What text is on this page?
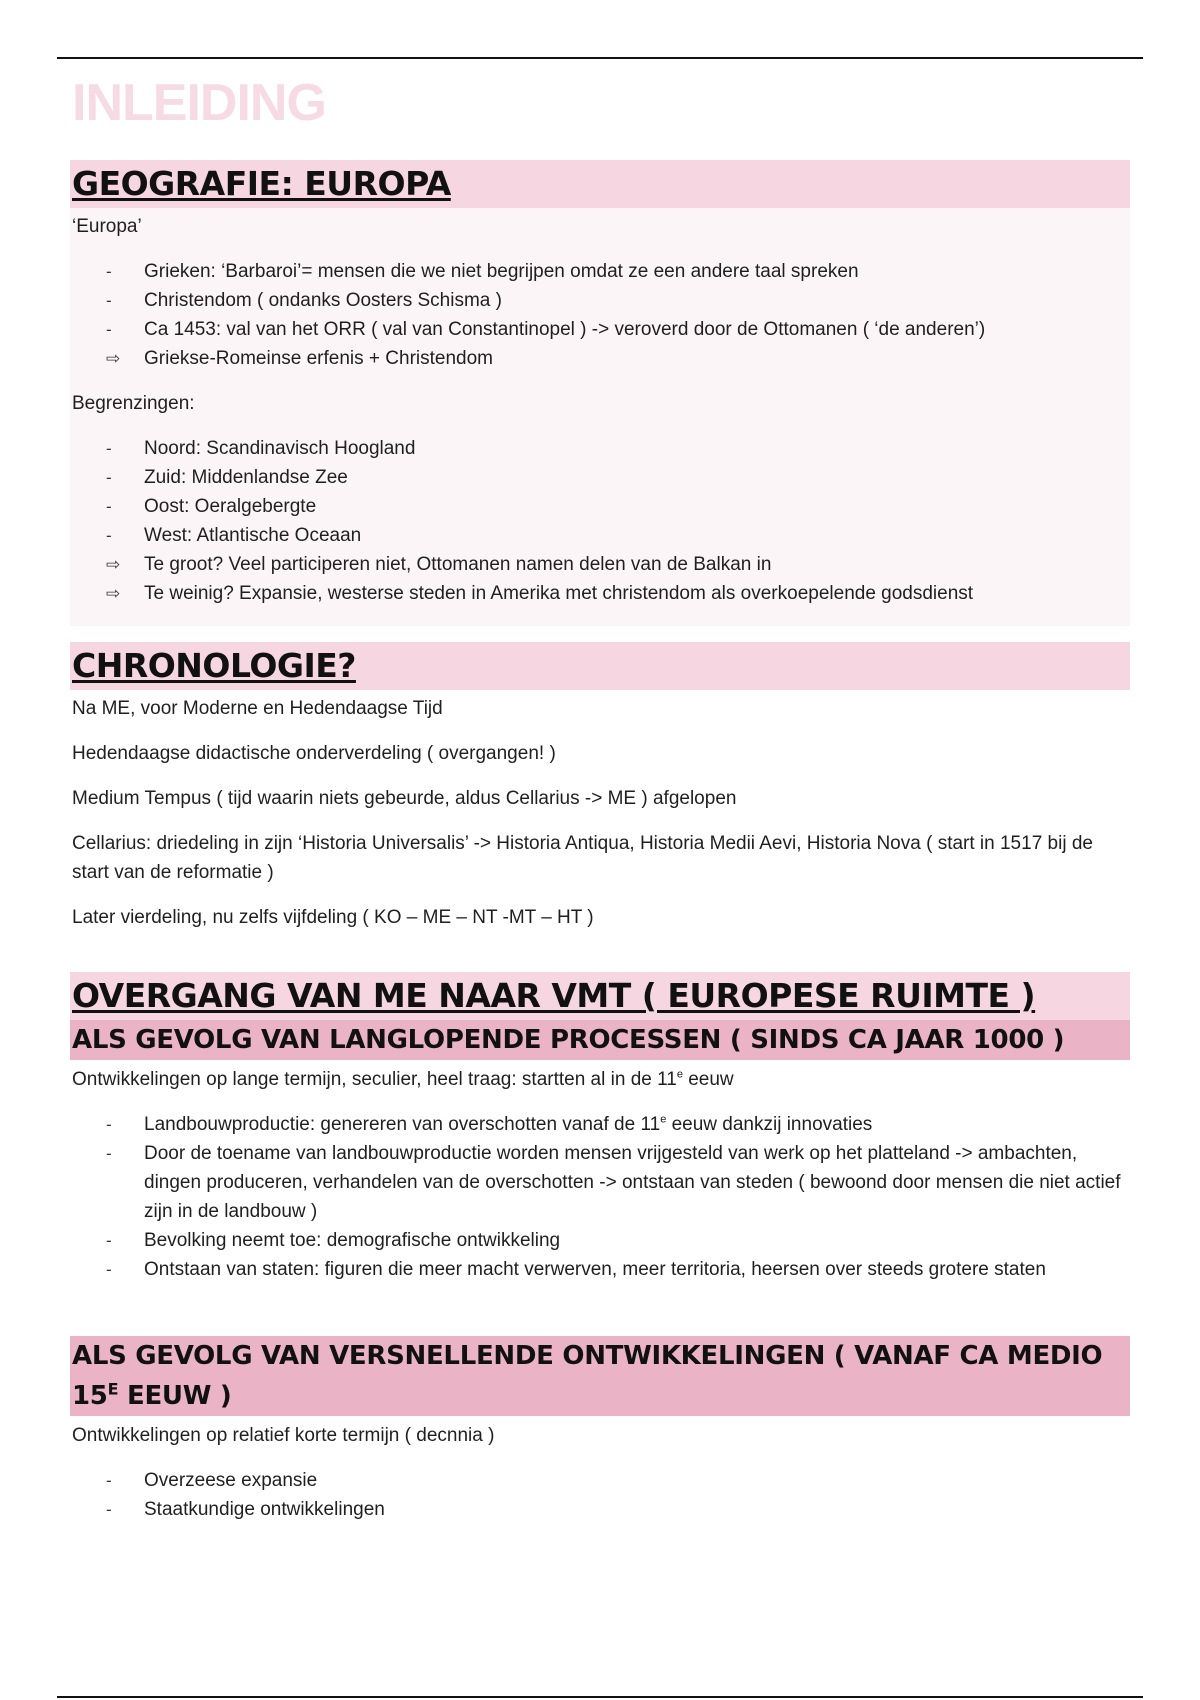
INLEIDING
GEOGRAFIE: EUROPA

‘Europa’

-	Grieken: ‘Barbaroi’= mensen die we niet begrijpen omdat ze een andere taal spreken
-	Christendom ( ondanks Oosters Schisma )
-	Ca 1453: val van het ORR ( val van Constantinopel ) -> veroverd door de Ottomanen ( ‘de anderen’)
⇨	Griekse-Romeinse erfenis + Christendom

Begrenzingen:

-	Noord: Scandinavisch Hoogland
-	Zuid: Middenlandse Zee
-	Oost: Oeralgebergte
-	West: Atlantische Oceaan
⇨	Te groot? Veel participeren niet, Ottomanen namen delen van de Balkan in
⇨	Te weinig? Expansie, westerse steden in Amerika met christendom als overkoepelende godsdienst
CHRONOLOGIE?

Na ME, voor Moderne en Hedendaagse Tijd

Hedendaagse didactische onderverdeling ( overgangen! )

Medium Tempus ( tijd waarin niets gebeurde, aldus Cellarius -> ME ) afgelopen

Cellarius: driedeling in zijn ‘Historia Universalis’ -> Historia Antiqua, Historia Medii Aevi, Historia Nova ( start in 1517 bij de start van de reformatie )

Later vierdeling, nu zelfs vijfdeling ( KO – ME – NT -MT – HT )

OVERGANG VAN ME NAAR VMT ( EUROPESE RUIMTE )
ALS GEVOLG VAN LANGLOPENDE PROCESSEN ( SINDS CA JAAR 1000 )

Ontwikkelingen op lange termijn, seculier, heel traag: startten al in de 11e eeuw

-	Landbouwproductie: genereren van overschotten vanaf de 11e eeuw dankzij innovaties
-	Door de toename van landbouwproductie worden mensen vrijgesteld van werk op het platteland -> ambachten, dingen produceren, verhandelen van de overschotten -> ontstaan van steden ( bewoond door mensen die niet actief zijn in de landbouw )
-	Bevolking neemt toe: demografische ontwikkeling
-	Ontstaan van staten: figuren die meer macht verwerven, meer territoria, heersen over steeds grotere staten
ALS GEVOLG VAN VERSNELLENDE ONTWIKKELINGEN ( VANAF CA MEDIO $15^E$ EEUW )

Ontwikkelingen op relatief korte termijn ( decnnia )

-	Overzeese expansie
-	Staatkundige ontwikkelingen
